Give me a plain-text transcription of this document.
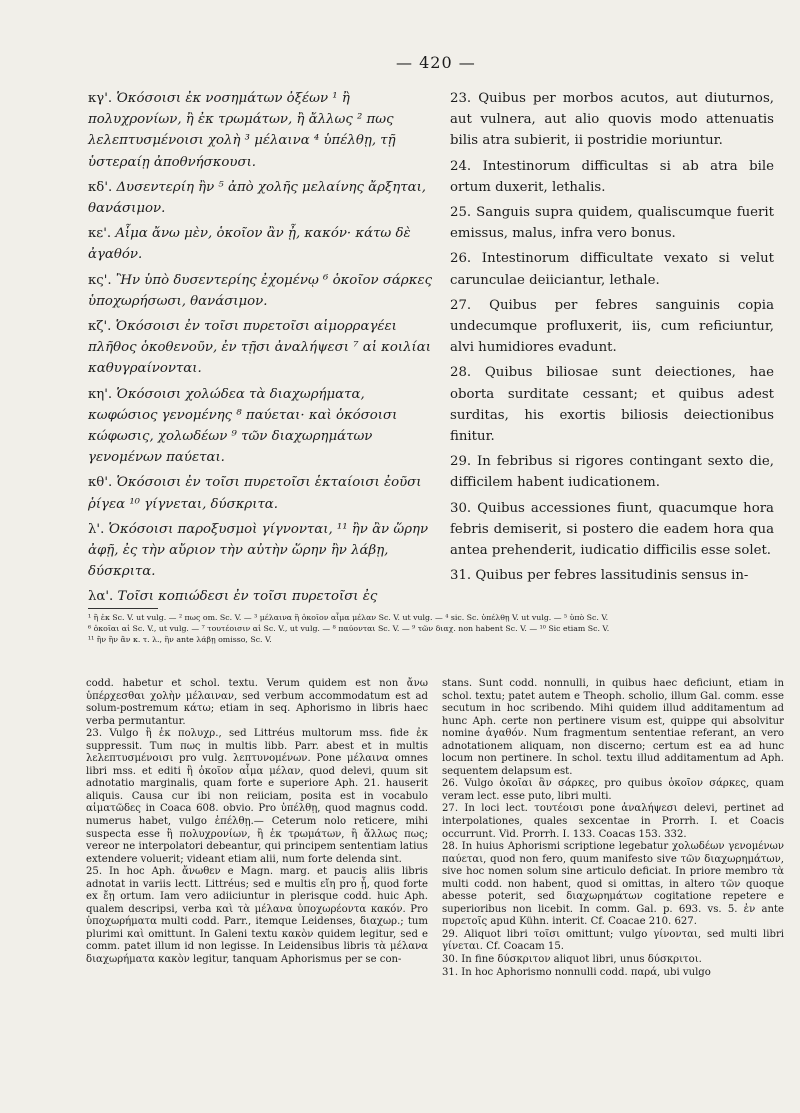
— 420 —

κγ'. Ὁκόσοισι ἐκ νοσημάτων ὀξέων ¹ ἢ πολυχρονίων, ἢ ἐκ τρωμάτων, ἢ ἄλλως ² πως λελεπτυσμένοισι χολὴ ³ μέλαινα ⁴ ὑπέλθῃ, τῇ ὑστεραίῃ ἀποθνήσκουσι.

κδ'. Δυσεντερίη ἢν ⁵ ἀπὸ χολῆς μελαίνης ἄρξηται, θανάσιμον.

κε'. Αἷμα ἄνω μὲν, ὁκοῖον ἂν ᾖ, κακόν· κάτω δὲ ἀγαθόν.

κς'. Ἢν ὑπὸ δυσεντερίης ἐχομένῳ ⁶ ὁκοῖον σάρκες ὑποχωρήσωσι, θανάσιμον.

κζ'. Ὁκόσοισι ἐν τοῖσι πυρετοῖσι αἱμορραγέει πλῆθος ὁκοθενοῦν, ἐν τῇσι ἀναλήψεσι ⁷ αἱ κοιλίαι καθυγραίνονται.

κη'. Ὁκόσοισι χολώδεα τὰ διαχωρήματα, κωφώσιος γενομένης ⁸ παύεται· καὶ ὁκόσοισι κώφωσις, χολωδέων ⁹ τῶν διαχωρημάτων γενομένων παύεται.

κθ'. Ὁκόσοισι ἐν τοῖσι πυρετοῖσι ἑκταίοισι ἐοῦσι ῥίγεα ¹⁰ γίγνεται, δύσκριτα.

λ'. Ὁκόσοισι παροξυσμοὶ γίγνονται, ¹¹ ἢν ἂν ὥρην ἀφῇ, ἐς τὴν αὔριον τὴν αὐτὴν ὥρην ἢν λάβῃ, δύσκριτα.

λα'. Τοῖσι κοπιώδεσι ἐν τοῖσι πυρετοῖσι ἐς

23. Quibus per morbos acutos, aut diuturnos, aut vulnera, aut alio quovis modo attenuatis bilis atra subierit, ii postridie moriuntur.

24. Intestinorum difficultas si ab atra bile ortum duxerit, lethalis.

25. Sanguis supra quidem, qualiscumque fuerit emissus, malus, infra vero bonus.

26. Intestinorum difficultate vexato si velut carunculae deiiciantur, lethale.

27. Quibus per febres sanguinis copia undecumque profluxerit, iis, cum reficiuntur, alvi humidiores evadunt.

28. Quibus biliosae sunt deiectiones, hae oborta surditate cessant; et quibus adest surditas, his exortis biliosis deiectionibus finitur.

29. In febribus si rigores contingant sexto die, difficilem habent iudicationem.

30. Quibus accessiones fiunt, quacumque hora febris demiserit, si postero die eadem hora qua antea prehenderit, iudicatio difficilis esse solet.

31. Quibus per febres lassitudinis sensus in-

¹ ἢ ἐκ Sc. V. ut vulg. — ² πως om. Sc. V. — ³ μέλαινα ἢ ὁκοῖον αἷμα μέλαν Sc. V. ut vulg. — ⁴ sic. Sc. ὑπέλθῃ V. ut vulg. — ⁵ ὑπὸ Sc. V.
⁶ ὁκοῖαι αἱ Sc. V., ut vulg. — ⁷ τουτέοισιν αἱ Sc. V., ut vulg. — ⁸ παύονται Sc. V. — ⁹ τῶν διαχ. non habent Sc. V. — ¹⁰ Sic etiam Sc. V.
¹¹ ἢν ἢν ἂν κ. τ. λ., ἢν ante λάβῃ omisso, Sc. V.

codd. habetur et schol. textu. Verum quidem est non ἄνω ὑπέρχεσθαι χολὴν μέλαιναν, sed verbum accommodatum est ad solum-postremum κάτω; etiam in seq. Aphorismo in libris haec verba permutantur.

23. Vulgo ἢ ἐκ πολυχρ., sed Littréus multorum mss. fide ἐκ suppressit. Tum πως in multis libb. Parr. abest et in multis λελεπτυσμένοισι pro vulg. λεπτυνομένων. Pone μέλαινα omnes libri mss. et editi ἢ ὁκοῖον αἷμα μέλαν, quod delevi, quum sit adnotatio marginalis, quam forte e superiore Aph. 21. hauserit aliquis. Causa cur ibi non reiiciam, posita est in vocabulo αἱματῶδες in Coaca 608. obvio. Pro ὑπέλθῃ, quod magnus codd. numerus habet, vulgo ἐπέλθῃ.— Ceterum nolo reticere, mihi suspecta esse ἢ πολυχρονίων, ἢ ἐκ τρωμάτων, ἢ ἄλλως πως; vereor ne interpolatori debeantur, qui principem sententiam latius extendere voluerit; videant etiam alii, num forte delenda sint.

25. In hoc Aph. ἄνωθεν e Magn. marg. et paucis aliis libris adnotat in variis lectt. Littréus; sed e multis εἴη pro ᾖ, quod forte ex ἔῃ ortum. Iam vero adiiciuntur in plerisque codd. huic Aph. qualem descripsi, verba καὶ τὰ μέλανα ὑποχωρέοντα κακόν. Pro ὑποχωρήματα multi codd. Parr., itemque Leidenses, διαχωρ.; tum plurimi καὶ omittunt. In Galeni textu κακὸν quidem legitur, sed e comm. patet illum id non legisse. In Leidensibus libris τὰ μέλανα διαχωρήματα κακὸν legitur, tanquam Aphorismus per se con-

stans. Sunt codd. nonnulli, in quibus haec deficiunt, etiam in schol. textu; patet autem e Theoph. scholio, illum Gal. comm. esse secutum in hoc scribendo. Mihi quidem illud additamentum ad hunc Aph. certe non pertinere visum est, quippe qui absolvitur nomine ἀγαθόν. Num fragmentum sententiae referant, an vero adnotationem aliquam, non discerno; certum est ea ad hunc locum non pertinere. In schol. textu illud additamentum ad Aph. sequentem delapsum est.

26. Vulgo ὁκοῖαι ἂν σάρκες, pro quibus ὁκοῖον σάρκες, quam veram lect. esse puto, libri multi.

27. In loci lect. τουτέοισι pone ἀναλήψεσι delevi, pertinet ad interpolationes, quales sexcentae in Prorrh. I. et Coacis occurrunt. Vid. Prorrh. I. 133. Coacas 153. 332.

28. In huius Aphorismi scriptione legebatur χολωδέων γενομένων παύεται, quod non fero, quum manifesto sive τῶν διαχωρημάτων, sive hoc nomen solum sine articulo deficiat. In priore membro τὰ multi codd. non habent, quod si omittas, in altero τῶν quoque abesse poterit, sed διαχωρημάτων cogitatione repetere e superioribus non licebit. In comm. Gal. p. 693. vs. 5. ἐν ante πυρετοῖς apud Kühn. interit. Cf. Coacae 210. 627.

29. Aliquot libri τοῖσι omittunt; vulgo γίνονται, sed multi libri γίνεται. Cf. Coacam 15.

30. In fine δύσκριτον aliquot libri, unus δύσκριτοι.

31. In hoc Aphorismo nonnulli codd. παρά, ubi vulgo
